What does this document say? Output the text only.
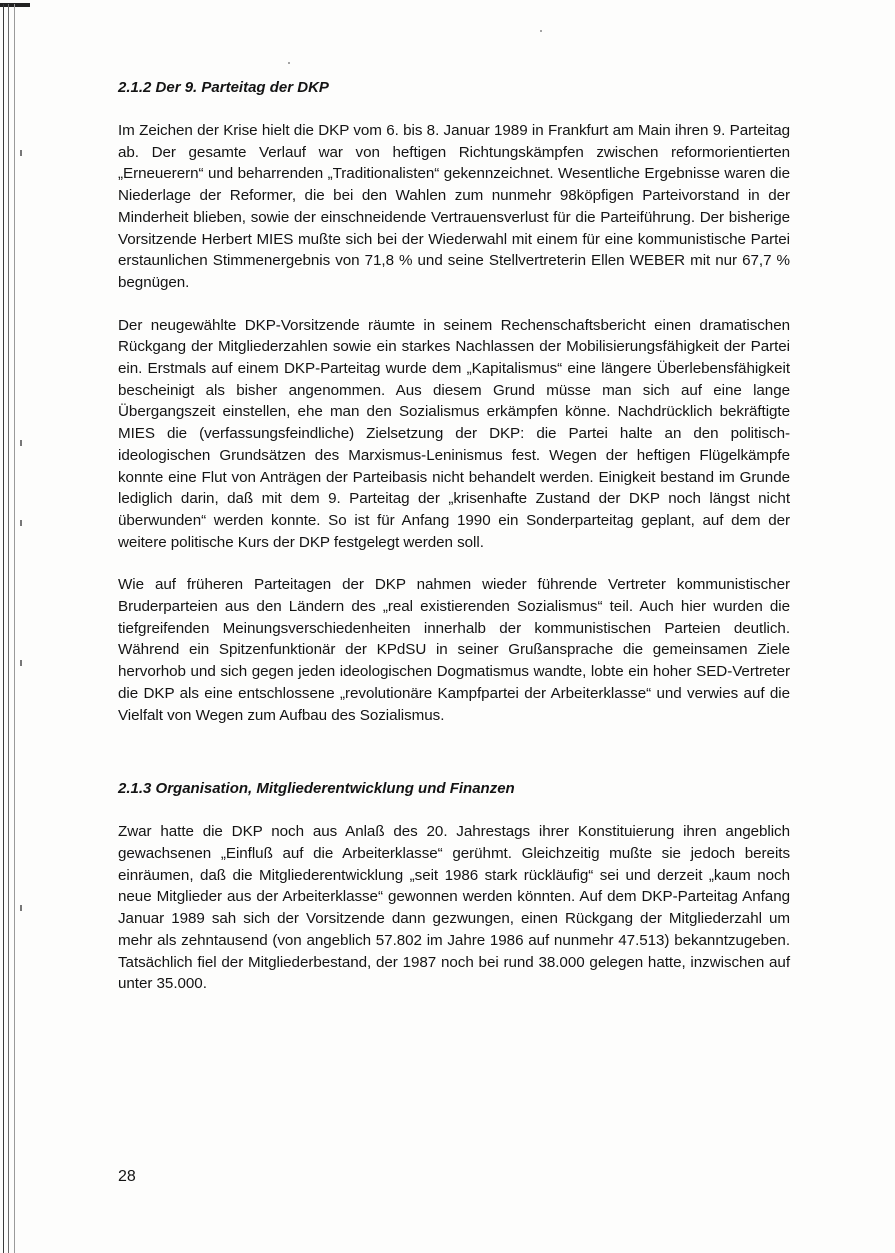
2.1.2 Der 9. Parteitag der DKP

Im Zeichen der Krise hielt die DKP vom 6. bis 8. Januar 1989 in Frankfurt am Main ihren 9. Parteitag ab. Der gesamte Verlauf war von heftigen Richtungskämpfen zwischen reformorientierten „Erneuerern“ und beharrenden „Traditionalisten“ gekennzeichnet. Wesentliche Ergebnisse waren die Niederlage der Reformer, die bei den Wahlen zum nunmehr 98köpfigen Parteivorstand in der Minderheit blieben, sowie der einschneidende Vertrauensverlust für die Parteiführung. Der bisherige Vorsitzende Herbert MIES mußte sich bei der Wiederwahl mit einem für eine kommunistische Partei erstaunlichen Stimmenergebnis von 71,8 % und seine Stellvertreterin Ellen WEBER mit nur 67,7 % begnügen.

Der neugewählte DKP-Vorsitzende räumte in seinem Rechenschaftsbericht einen dramatischen Rückgang der Mitgliederzahlen sowie ein starkes Nachlassen der Mobilisierungsfähigkeit der Partei ein. Erstmals auf einem DKP-Parteitag wurde dem „Kapitalismus“ eine längere Überlebensfähigkeit bescheinigt als bisher angenommen. Aus diesem Grund müsse man sich auf eine lange Übergangszeit einstellen, ehe man den Sozialismus erkämpfen könne. Nachdrücklich bekräftigte MIES die (verfassungsfeindliche) Zielsetzung der DKP: die Partei halte an den politisch-ideologischen Grundsätzen des Marxismus-Leninismus fest. Wegen der heftigen Flügelkämpfe konnte eine Flut von Anträgen der Parteibasis nicht behandelt werden. Einigkeit bestand im Grunde lediglich darin, daß mit dem 9. Parteitag der „krisenhafte Zustand der DKP noch längst nicht überwunden“ werden konnte. So ist für Anfang 1990 ein Sonderparteitag geplant, auf dem der weitere politische Kurs der DKP festgelegt werden soll.

Wie auf früheren Parteitagen der DKP nahmen wieder führende Vertreter kommunistischer Bruderparteien aus den Ländern des „real existierenden Sozialismus“ teil. Auch hier wurden die tiefgreifenden Meinungsverschiedenheiten innerhalb der kommunistischen Parteien deutlich. Während ein Spitzenfunktionär der KPdSU in seiner Grußansprache die gemeinsamen Ziele hervorhob und sich gegen jeden ideologischen Dogmatismus wandte, lobte ein hoher SED-Vertreter die DKP als eine entschlossene „revolutionäre Kampfpartei der Arbeiterklasse“ und verwies auf die Vielfalt von Wegen zum Aufbau des Sozialismus.

2.1.3 Organisation, Mitgliederentwicklung und Finanzen

Zwar hatte die DKP noch aus Anlaß des 20. Jahrestags ihrer Konstituierung ihren angeblich gewachsenen „Einfluß auf die Arbeiterklasse“ gerühmt. Gleichzeitig mußte sie jedoch bereits einräumen, daß die Mitgliederentwicklung „seit 1986 stark rückläufig“ sei und derzeit „kaum noch neue Mitglieder aus der Arbeiterklasse“ gewonnen werden könnten. Auf dem DKP-Parteitag Anfang Januar 1989 sah sich der Vorsitzende dann gezwungen, einen Rückgang der Mitgliederzahl um mehr als zehntausend (von angeblich 57.802 im Jahre 1986 auf nunmehr 47.513) bekanntzugeben. Tatsächlich fiel der Mitgliederbestand, der 1987 noch bei rund 38.000 gelegen hatte, inzwischen auf unter 35.000.

28
